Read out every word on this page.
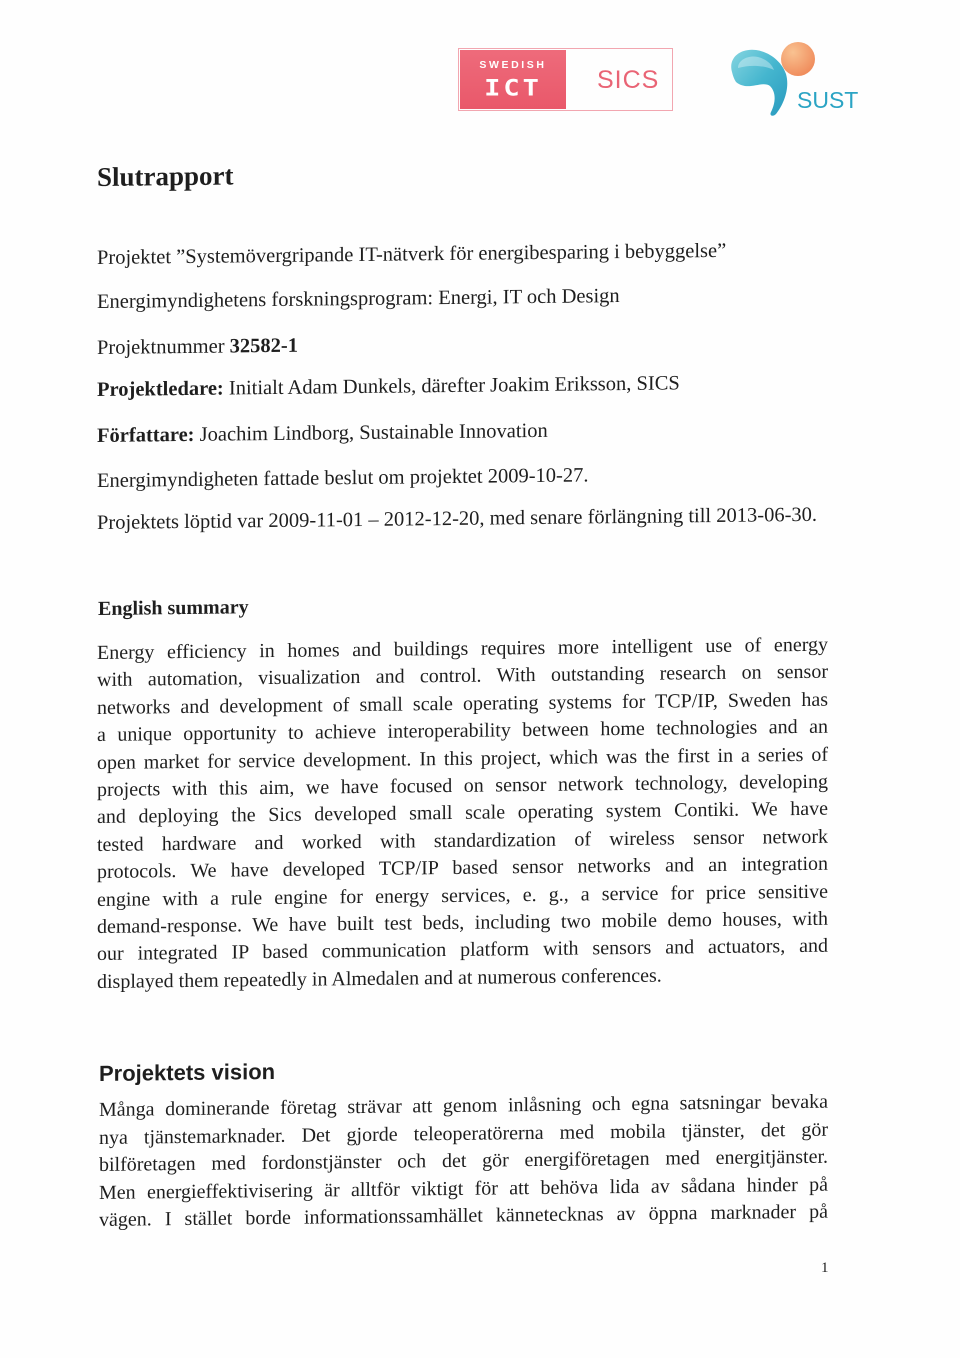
SWEDISH
ICT	SICS
SUST
Slutrapport
Projektet ”Systemövergripande IT-nätverk för energibesparing i bebyggelse”
Energimyndighetens forskningsprogram: Energi, IT och Design
Projektnummer 32582-1
Projektledare: Initialt Adam Dunkels, därefter Joakim Eriksson, SICS
Författare: Joachim Lindborg, Sustainable Innovation
Energimyndigheten fattade beslut om projektet 2009-10-27.
Projektets löptid var 2009-11-01 – 2012-12-20, med senare förlängning till 2013-06-30.
English summary
Energy efficiency in homes and buildings requires more intelligent use of energy
with automation, visualization and control. With outstanding research on sensor
networks and development of small scale operating systems for TCP/IP, Sweden has
a unique opportunity to achieve interoperability between home technologies and an
open market for service development. In this project, which was the first in a series of
projects with this aim, we have focused on sensor network technology, developing
and deploying the Sics developed small scale operating system Contiki. We have
tested hardware and worked with standardization of wireless sensor network
protocols. We have developed TCP/IP based sensor networks and an integration
engine with a rule engine for energy services, e. g., a service for price sensitive
demand-response. We have built test beds, including two mobile demo houses, with
our integrated IP based communication platform with sensors and actuators, and
displayed them repeatedly in Almedalen and at numerous conferences.
Projektets vision
Många dominerande företag strävar att genom inlåsning och egna satsningar bevaka
nya tjänstemarknader. Det gjorde teleoperatörerna med mobila tjänster, det gör
bilföretagen med fordonstjänster och det gör energiföretagen med energitjänster.
Men energieffektivisering är alltför viktigt för att behöva lida av sådana hinder på
vägen. I stället borde informationssamhället kännetecknas av öppna marknader på
1
